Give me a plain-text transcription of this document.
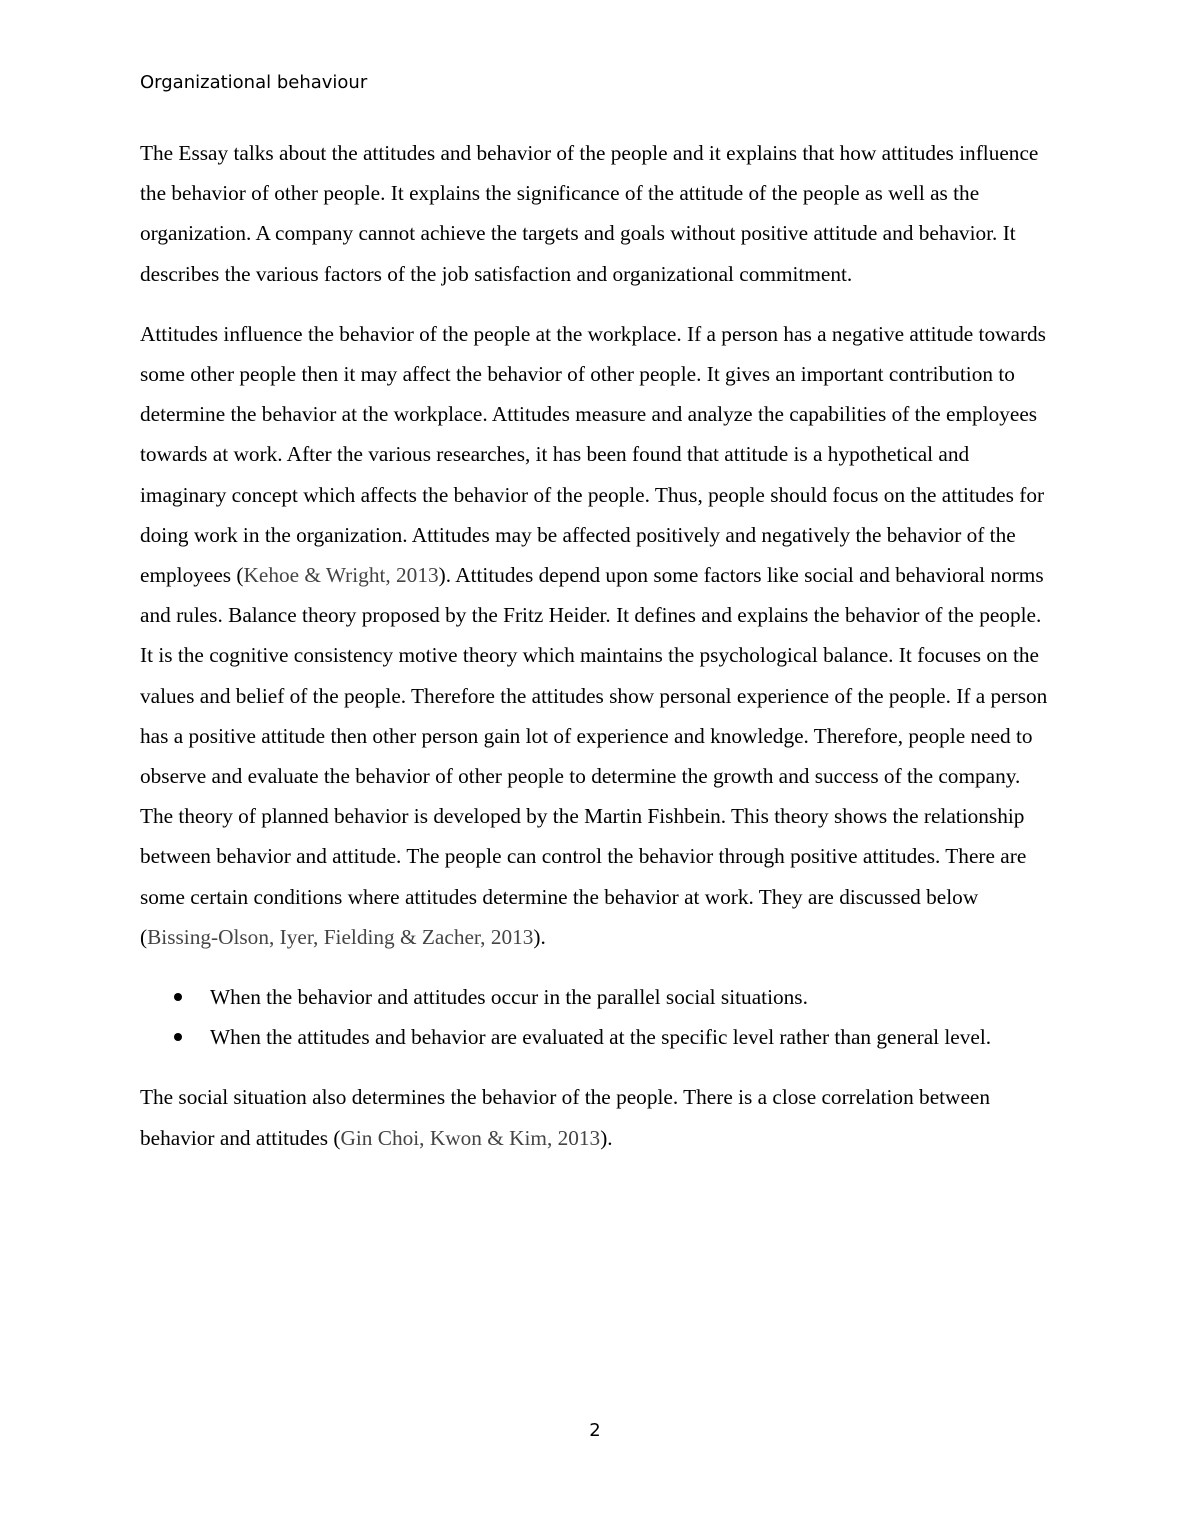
Organizational behaviour

The Essay talks about the attitudes and behavior of the people and it explains that how attitudes influence the behavior of other people. It explains the significance of the attitude of the people as well as the organization. A company cannot achieve the targets and goals without positive attitude and behavior. It describes the various factors of the job satisfaction and organizational commitment.

Attitudes influence the behavior of the people at the workplace. If a person has a negative attitude towards some other people then it may affect the behavior of other people. It gives an important contribution to determine the behavior at the workplace. Attitudes measure and analyze the capabilities of the employees towards at work. After the various researches, it has been found that attitude is a hypothetical and imaginary concept which affects the behavior of the people. Thus, people should focus on the attitudes for doing work in the organization. Attitudes may be affected positively and negatively the behavior of the employees (Kehoe & Wright, 2013). Attitudes depend upon some factors like social and behavioral norms and rules. Balance theory proposed by the Fritz Heider. It defines and explains the behavior of the people. It is the cognitive consistency motive theory which maintains the psychological balance. It focuses on the values and belief of the people. Therefore the attitudes show personal experience of the people. If a person has a positive attitude then other person gain lot of experience and knowledge. Therefore, people need to observe and evaluate the behavior of other people to determine the growth and success of the company. The theory of planned behavior is developed by the Martin Fishbein. This theory shows the relationship between behavior and attitude. The people can control the behavior through positive attitudes. There are some certain conditions where attitudes determine the behavior at work. They are discussed below (Bissing-Olson, Iyer, Fielding & Zacher, 2013).

When the behavior and attitudes occur in the parallel social situations.
When the attitudes and behavior are evaluated at the specific level rather than general level.

The social situation also determines the behavior of the people. There is a close correlation between behavior and attitudes (Gin Choi, Kwon & Kim, 2013).

2
